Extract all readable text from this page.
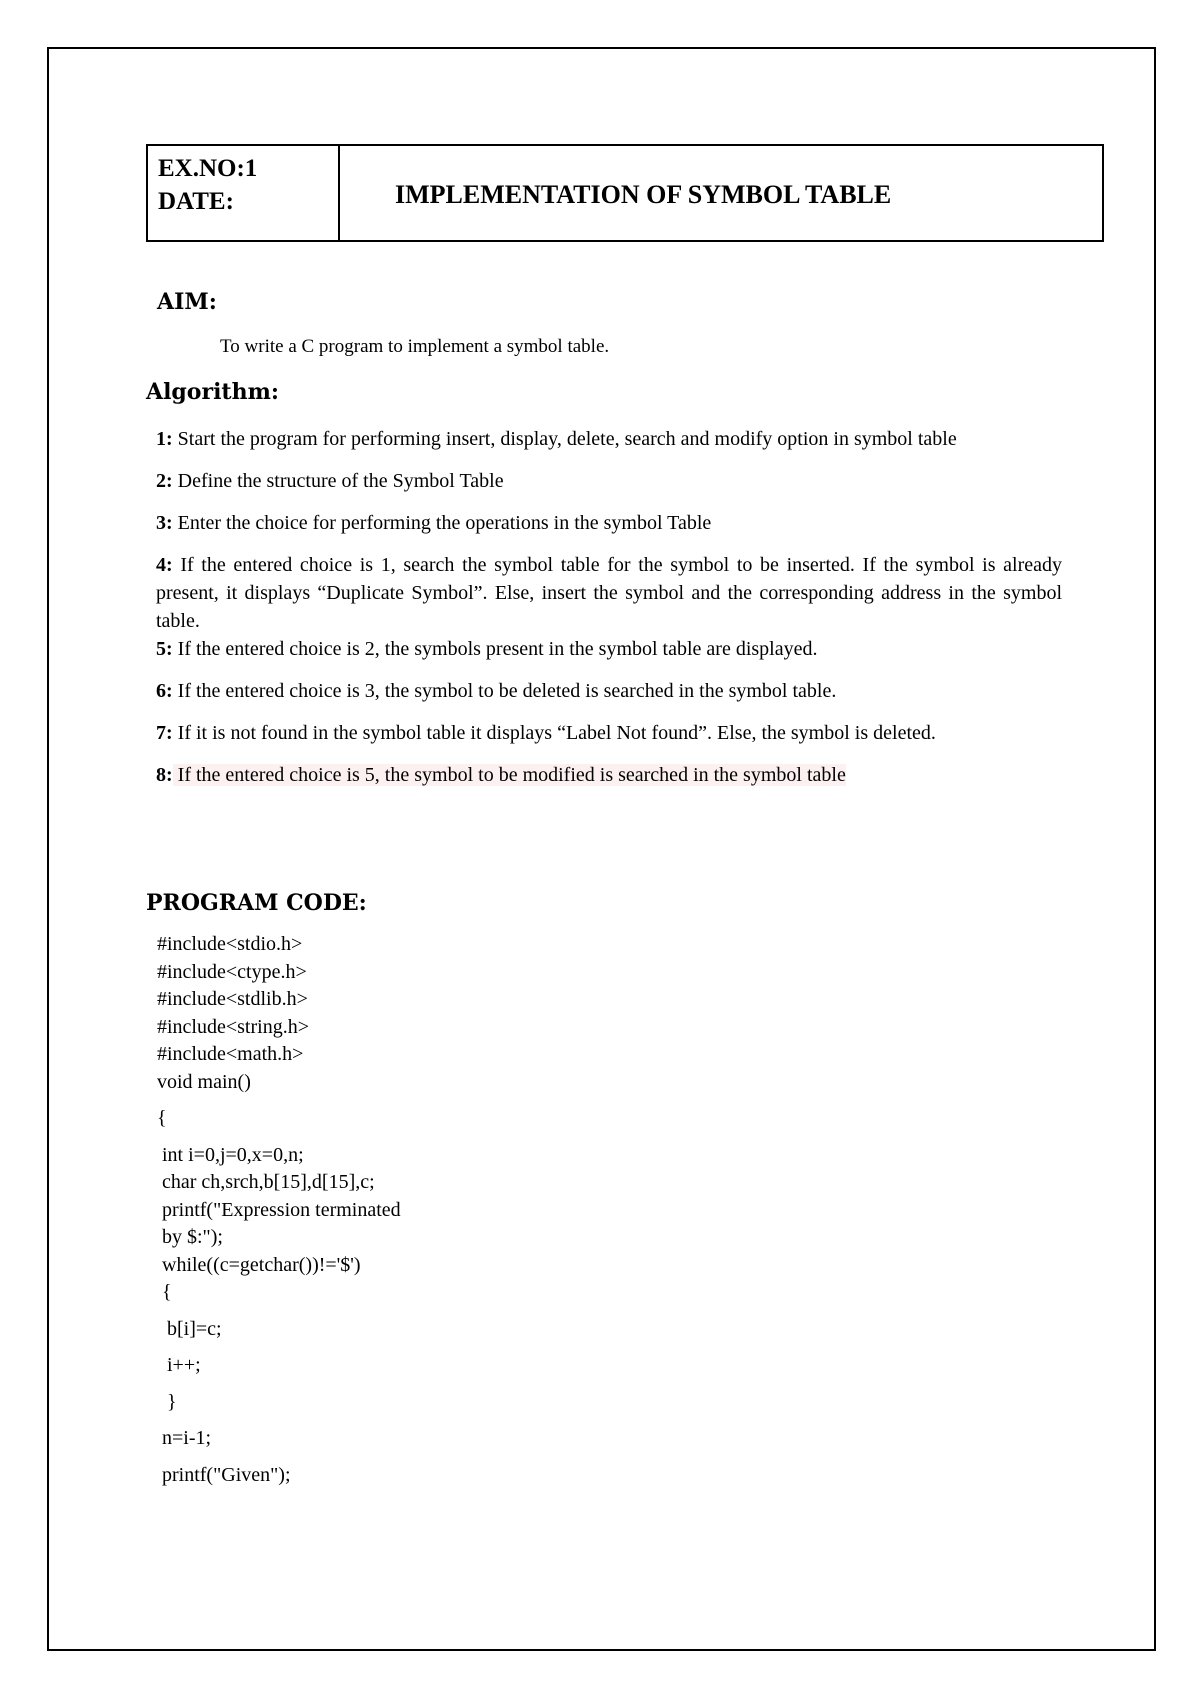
EX.NO:1
DATE:	IMPLEMENTATION OF SYMBOL TABLE
AIM:
To write a C program to implement a symbol table.
Algorithm:
1: Start the program for performing insert, display, delete, search and modify option in symbol table
2: Define the structure of the Symbol Table
3: Enter the choice for performing the operations in the symbol Table
4: If the entered choice is 1, search the symbol table for the symbol to be inserted. If the symbol is already present, it displays “Duplicate Symbol”. Else, insert the symbol and the corresponding address in the symbol table.
5: If the entered choice is 2, the symbols present in the symbol table are displayed.
6: If the entered choice is 3, the symbol to be deleted is searched in the symbol table.
7: If it is not found in the symbol table it displays “Label Not found”. Else, the symbol is deleted.
8: If the entered choice is 5, the symbol to be modified is searched in the symbol table
PROGRAM CODE:
#include<stdio.h>
#include<ctype.h>
#include<stdlib.h>
#include<string.h>
#include<math.h>
void main()
{
int i=0,j=0,x=0,n;
char ch,srch,b[15],d[15],c;
printf("Expression terminated
by $:");
while((c=getchar())!='$')
{
b[i]=c;
i++;
}
n=i-1;
printf("Given");
